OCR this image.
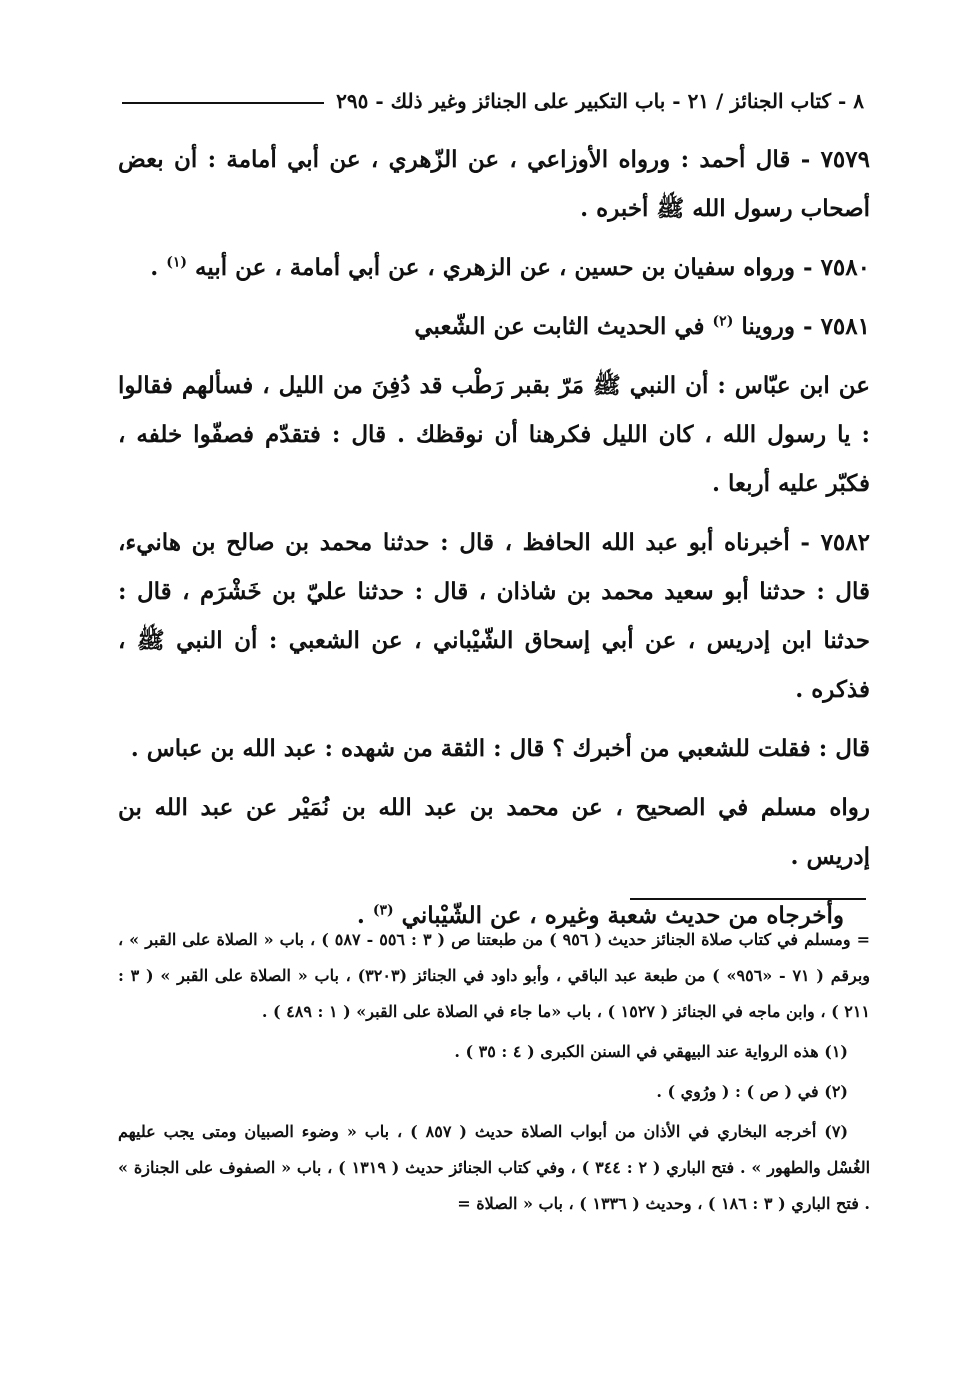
٨ - كتاب الجنائز / ٢١ - باب التكبير على الجنائز وغير ذلك - ٢٩٥

٧٥٧٩ - قال أحمد : ورواه الأوزاعي ، عن الزّهري ، عن أبي أمامة : أن بعض أصحاب رسول الله ﷺ أخبره .

٧٥٨٠ - ورواه سفيان بن حسين ، عن الزهري ، عن أبي أمامة ، عن أبيه $^{(١)}$ .

٧٥٨١ - وروينا $^{(٢)}$ في الحديث الثابت عن الشّعبي

عن ابن عبّاس : أن النبي ﷺ مَرّ بقبر رَطْب قد دُفِنَ من الليل ، فسألهم فقالوا : يا رسول الله ، كان الليل فكرهنا أن نوقظك . قال : فتقدّم فصفّوا خلفه ، فكبّر عليه أربعا .

٧٥٨٢ - أخبرناه أبو عبد الله الحافظ ، قال : حدثنا محمد بن صالح بن هانيء، قال : حدثنا أبو سعيد محمد بن شاذان ، قال : حدثنا عليّ بن خَشْرَم ، قال : حدثنا ابن إدريس ، عن أبي إسحاق الشّيْباني ، عن الشعبي : أن النبي ﷺ ، فذكره .

قال : فقلت للشعبي من أخبرك ؟ قال : الثقة من شهده : عبد الله بن عباس .

رواه مسلم في الصحيح ، عن محمد بن عبد الله بن نُمَيْر عن عبد الله بن إدريس .

وأخرجاه من حديث شعبة وغيره ، عن الشّيْباني $^{(٣)}$ .

= ومسلم في كتاب صلاة الجنائز حديث ( ٩٥٦ ) من طبعتنا ص ( ٣ : ٥٥٦ - ٥٨٧ ) ، باب « الصلاة على القبر » ، وبرقم ( ٧١ - «٩٥٦» ) من طبعة عبد الباقي ، وأبو داود في الجنائز (٣٢٠٣) ، باب « الصلاة على القبر » ( ٣ : ٢١١ ) ، وابن ماجه في الجنائز ( ١٥٢٧ ) ، باب «ما جاء في الصلاة على القبر» ( ١ : ٤٨٩ ) .

(١) هذه الرواية عند البيهقي في السنن الكبرى ( ٤ : ٣٥ ) .

(٢) في ( ص ) : ( ورُوي ) .

(٧) أخرجه البخاري في الأذان من أبواب الصلاة حديث ( ٨٥٧ ) ، باب « وضوء الصبيان ومتى يجب عليهم الغُسْل والطهور » . فتح الباري ( ٢ : ٣٤٤ ) ، وفي كتاب الجنائز حديث ( ١٣١٩ ) ، باب « الصفوف على الجنازة » . فتح الباري ( ٣ : ١٨٦ ) ، وحديث ( ١٣٣٦ ) ، باب « الصلاة =
